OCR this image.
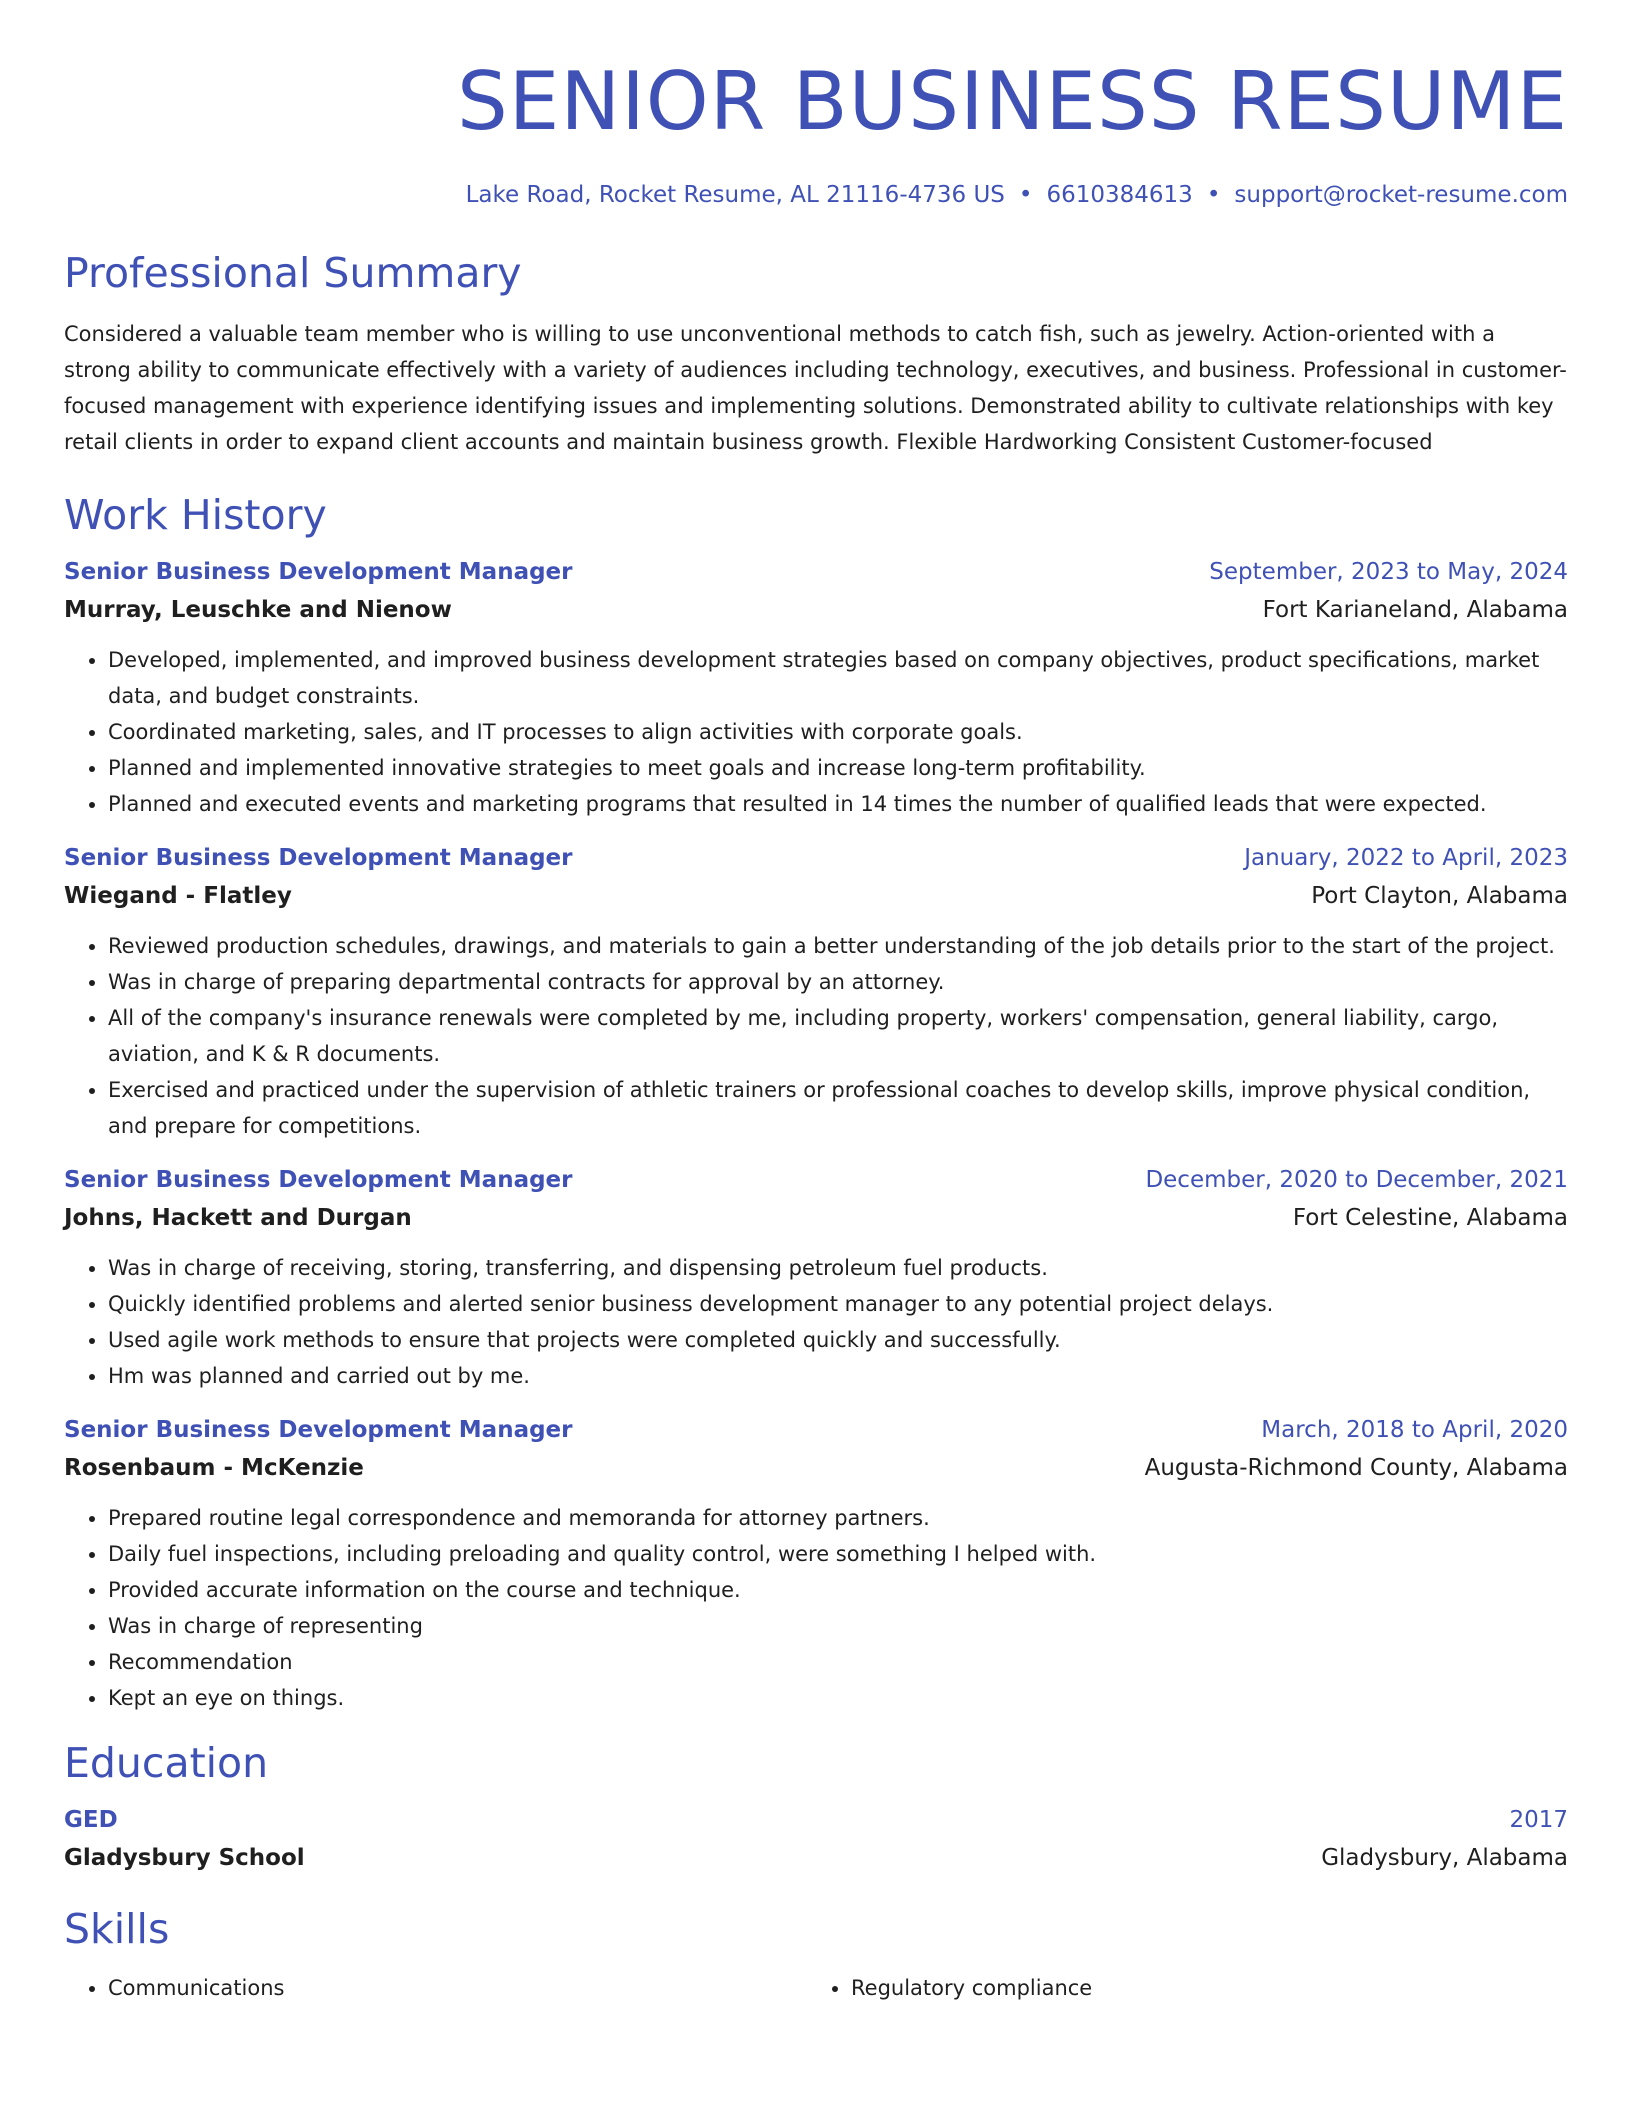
SENIOR BUSINESS RESUME
Lake Road, Rocket Resume, AL 21116-4736 US • 6610384613 • support@rocket-resume.com
Professional Summary

Considered a valuable team member who is willing to use unconventional methods to catch fish, such as jewelry. Action-oriented with a strong ability to communicate effectively with a variety of audiences including technology, executives, and business. Professional in customer-focused management with experience identifying issues and implementing solutions. Demonstrated ability to cultivate relationships with key retail clients in order to expand client accounts and maintain business growth. Flexible Hardworking Consistent Customer-focused

Work History
Senior Business Development Manager	September, 2023 to May, 2024
Murray, Leuschke and Nienow	Fort Karianeland, Alabama
• Developed, implemented, and improved business development strategies based on company objectives, product specifications, market data, and budget constraints.
• Coordinated marketing, sales, and IT processes to align activities with corporate goals.
• Planned and implemented innovative strategies to meet goals and increase long-term profitability.
• Planned and executed events and marketing programs that resulted in 14 times the number of qualified leads that were expected.
Senior Business Development Manager	January, 2022 to April, 2023
Wiegand - Flatley	Port Clayton, Alabama
• Reviewed production schedules, drawings, and materials to gain a better understanding of the job details prior to the start of the project.
• Was in charge of preparing departmental contracts for approval by an attorney.
• All of the company's insurance renewals were completed by me, including property, workers' compensation, general liability, cargo, aviation, and K & R documents.
• Exercised and practiced under the supervision of athletic trainers or professional coaches to develop skills, improve physical condition, and prepare for competitions.
Senior Business Development Manager	December, 2020 to December, 2021
Johns, Hackett and Durgan	Fort Celestine, Alabama
• Was in charge of receiving, storing, transferring, and dispensing petroleum fuel products.
• Quickly identified problems and alerted senior business development manager to any potential project delays.
• Used agile work methods to ensure that projects were completed quickly and successfully.
• Hm was planned and carried out by me.
Senior Business Development Manager	March, 2018 to April, 2020
Rosenbaum - McKenzie	Augusta-Richmond County, Alabama
• Prepared routine legal correspondence and memoranda for attorney partners.
• Daily fuel inspections, including preloading and quality control, were something I helped with.
• Provided accurate information on the course and technique.
• Was in charge of representing
• Recommendation
• Kept an eye on things.
Education
GED	2017
Gladysbury School	Gladysbury, Alabama
Skills
• Communications
•	Regulatory compliance
